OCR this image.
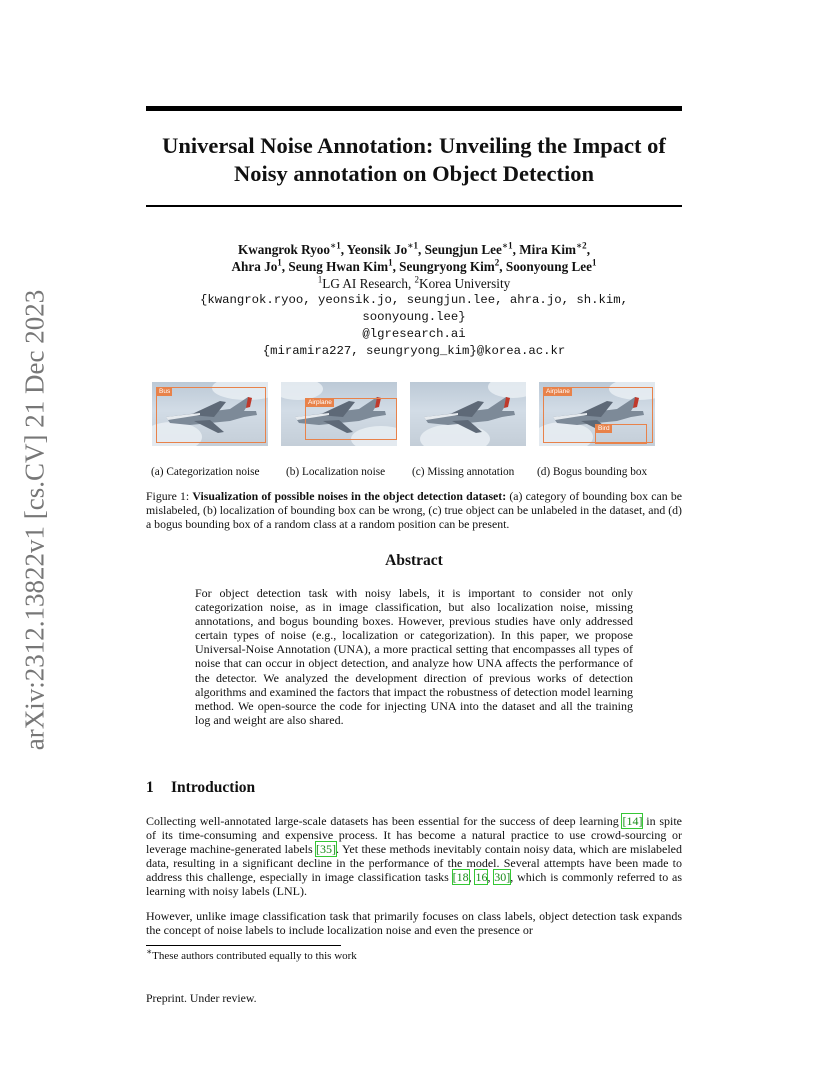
arXiv:2312.13822v1 [cs.CV] 21 Dec 2023
Universal Noise Annotation: Unveiling the Impact of
Noisy annotation on Object Detection
Kwangrok Ryoo$^{∗1}$, Yeonsik $Jo^{∗1}$, Seungjun Lee$^{∗1}$, Mira Kim$^{∗2}$,
Ahra Jo$^1$, Seung Hwan Kim$^1$, Seungryong Kim$^2$, Soonyoung Lee$^1$
$^1$LG AI Research, $^2$Korea University
{kwangrok.ryoo, yeonsik.jo, seungjun.lee, ahra.jo, sh.kim, soonyoung.lee}
@lgresearch.ai
{miramira227, seungryong_kim}@korea.ac.kr
Bus
Airplane
Airplane
Bird
(a) Categorization noise (b) Localization noise (c) Missing annotation (d) Bogus bounding box
Figure 1: Visualization of possible noises in the object detection dataset: (a) category of bounding box can be mislabeled, (b) localization of bounding box can be wrong, (c) true object can be unlabeled in the dataset, and (d) a bogus bounding box of a random class at a random position can be present.
Abstract
For object detection task with noisy labels, it is important to consider not only categorization noise, as in image classification, but also localization noise, missing annotations, and bogus bounding boxes. However, previous studies have only addressed certain types of noise (e.g., localization or categorization). In this paper, we propose Universal-Noise Annotation (UNA), a more practical setting that encompasses all types of noise that can occur in object detection, and analyze how UNA affects the performance of the detector. We analyzed the development direction of previous works of detection algorithms and examined the factors that impact the robustness of detection model learning method. We open-source the code for injecting UNA into the dataset and all the training log and weight are also shared.
1 Introduction
Collecting well-annotated large-scale datasets has been essential for the success of deep learning [14] in spite of its time-consuming and expensive process. It has become a natural practice to use crowd-sourcing or leverage machine-generated labels [35]. Yet these methods inevitably contain noisy data, which are mislabeled data, resulting in a significant decline in the performance of the model. Several attempts have been made to address this challenge, especially in image classification tasks [18, 16, 30], which is commonly referred to as learning with noisy labels (LNL).
However, unlike image classification task that primarily focuses on class labels, object detection task expands the concept of noise labels to include localization noise and even the presence or
∗These authors contributed equally to this work
Preprint. Under review.
